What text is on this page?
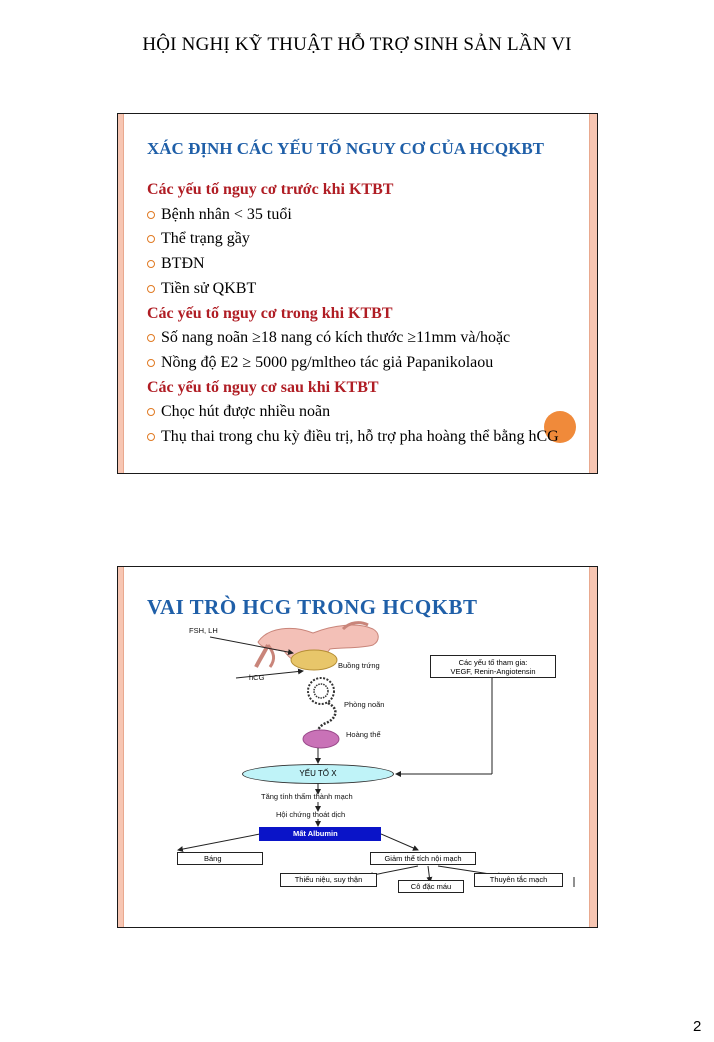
HỘI NGHỊ KỸ THUẬT HỖ TRỢ SINH SẢN LẦN VI
XÁC ĐỊNH CÁC YẾU TỐ NGUY CƠ CỦA HCQKBT
Các yếu tố nguy cơ trước khi KTBT
Bệnh nhân < 35 tuổi
Thể trạng gầy
BTĐN
Tiền sử QKBT
Các yếu tố nguy cơ trong khi KTBT
Số nang noãn ≥18 nang có kích thước ≥11mm và/hoặc
Nồng độ E2 ≥ 5000 pg/mltheo tác giả Papanikolaou
Các yếu tố nguy cơ sau khi KTBT
Chọc hút được nhiều noãn
Thụ thai trong chu kỳ điều trị, hỗ trợ pha hoàng thể bằng hCG
VAI TRÒ HCG TRONG HCQKBT
FSH, LH
Buồng trứng
hCG
Phòng noãn
Hoàng thể
Các yếu tố tham gia:
VEGF, Renin-Angiotensin
YẾU TỐ X
Tăng tính thấm thành mạch
Hội chứng thoát dịch
Mất Albumin
Báng	Giảm thể tích nội mạch
Thiểu niệu, suy thận
Cô đặc máu
Thuyên tắc mạch
2
